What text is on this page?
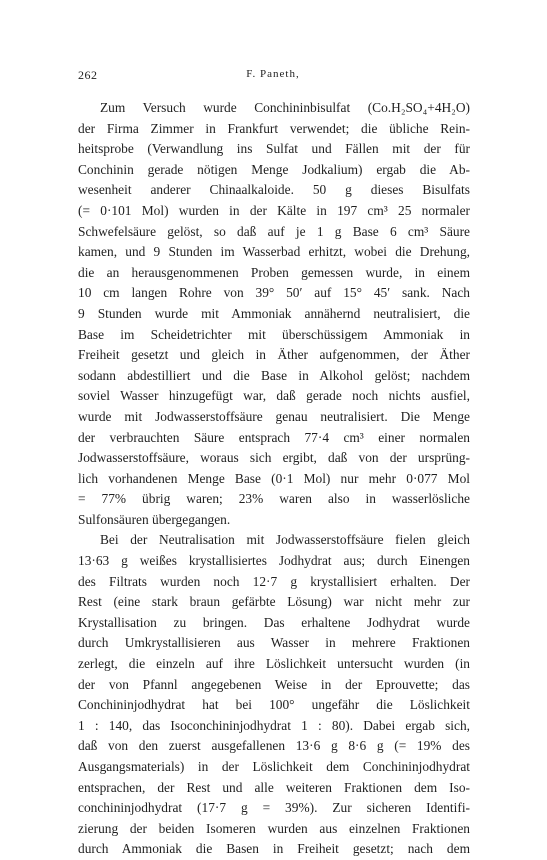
262	F. Paneth,
Zum Versuch wurde Conchininbisulfat (Co.H₂SO₄+4H₂O)
der Firma Zimmer in Frankfurt verwendet; die übliche Rein-
heitsprobe (Verwandlung ins Sulfat und Fällen mit der für
Conchinin gerade nötigen Menge Jodkalium) ergab die Ab-
wesenheit anderer Chinaalkaloide. 50 g dieses Bisulfats
(= 0·101 Mol) wurden in der Kälte in 197 cm³ 25 normaler
Schwefelsäure gelöst, so daß auf je 1 g Base 6 cm³ Säure
kamen, und 9 Stunden im Wasserbad erhitzt, wobei die Drehung,
die an herausgenommenen Proben gemessen wurde, in einem
10 cm langen Rohre von 39° 50′ auf 15° 45′ sank. Nach
9 Stunden wurde mit Ammoniak annähernd neutralisiert, die
Base im Scheidetrichter mit überschüssigem Ammoniak in
Freiheit gesetzt und gleich in Äther aufgenommen, der Äther
sodann abdestilliert und die Base in Alkohol gelöst; nachdem
soviel Wasser hinzugefügt war, daß gerade noch nichts ausfiel,
wurde mit Jodwasserstoffsäure genau neutralisiert. Die Menge
der verbrauchten Säure entsprach 77·4 cm³ einer normalen
Jodwasserstoffsäure, woraus sich ergibt, daß von der ursprüng-
lich vorhandenen Menge Base (0·1 Mol) nur mehr 0·077 Mol
= 77% übrig waren; 23% waren also in wasserlösliche
Sulfonsäuren übergegangen.
Bei der Neutralisation mit Jodwasserstoffsäure fielen gleich
13·63 g weißes krystallisiertes Jodhydrat aus; durch Einengen
des Filtrats wurden noch 12·7 g krystallisiert erhalten. Der
Rest (eine stark braun gefärbte Lösung) war nicht mehr zur
Krystallisation zu bringen. Das erhaltene Jodhydrat wurde
durch Umkrystallisieren aus Wasser in mehrere Fraktionen
zerlegt, die einzeln auf ihre Löslichkeit untersucht wurden (in
der von Pfannl angegebenen Weise in der Eprouvette; das
Conchininjodhydrat hat bei 100° ungefähr die Löslichkeit
1 : 140, das Isoconchininjodhydrat 1 : 80). Dabei ergab sich,
daß von den zuerst ausgefallenen 13·6 g 8·6 g (= 19% des
Ausgangsmaterials) in der Löslichkeit dem Conchininjodhydrat
entsprachen, der Rest und alle weiteren Fraktionen dem Iso-
conchininjodhydrat (17·7 g = 39%). Zur sicheren Identifi-
zierung der beiden Isomeren wurden aus einzelnen Fraktionen
durch Ammoniak die Basen in Freiheit gesetzt; nach dem
